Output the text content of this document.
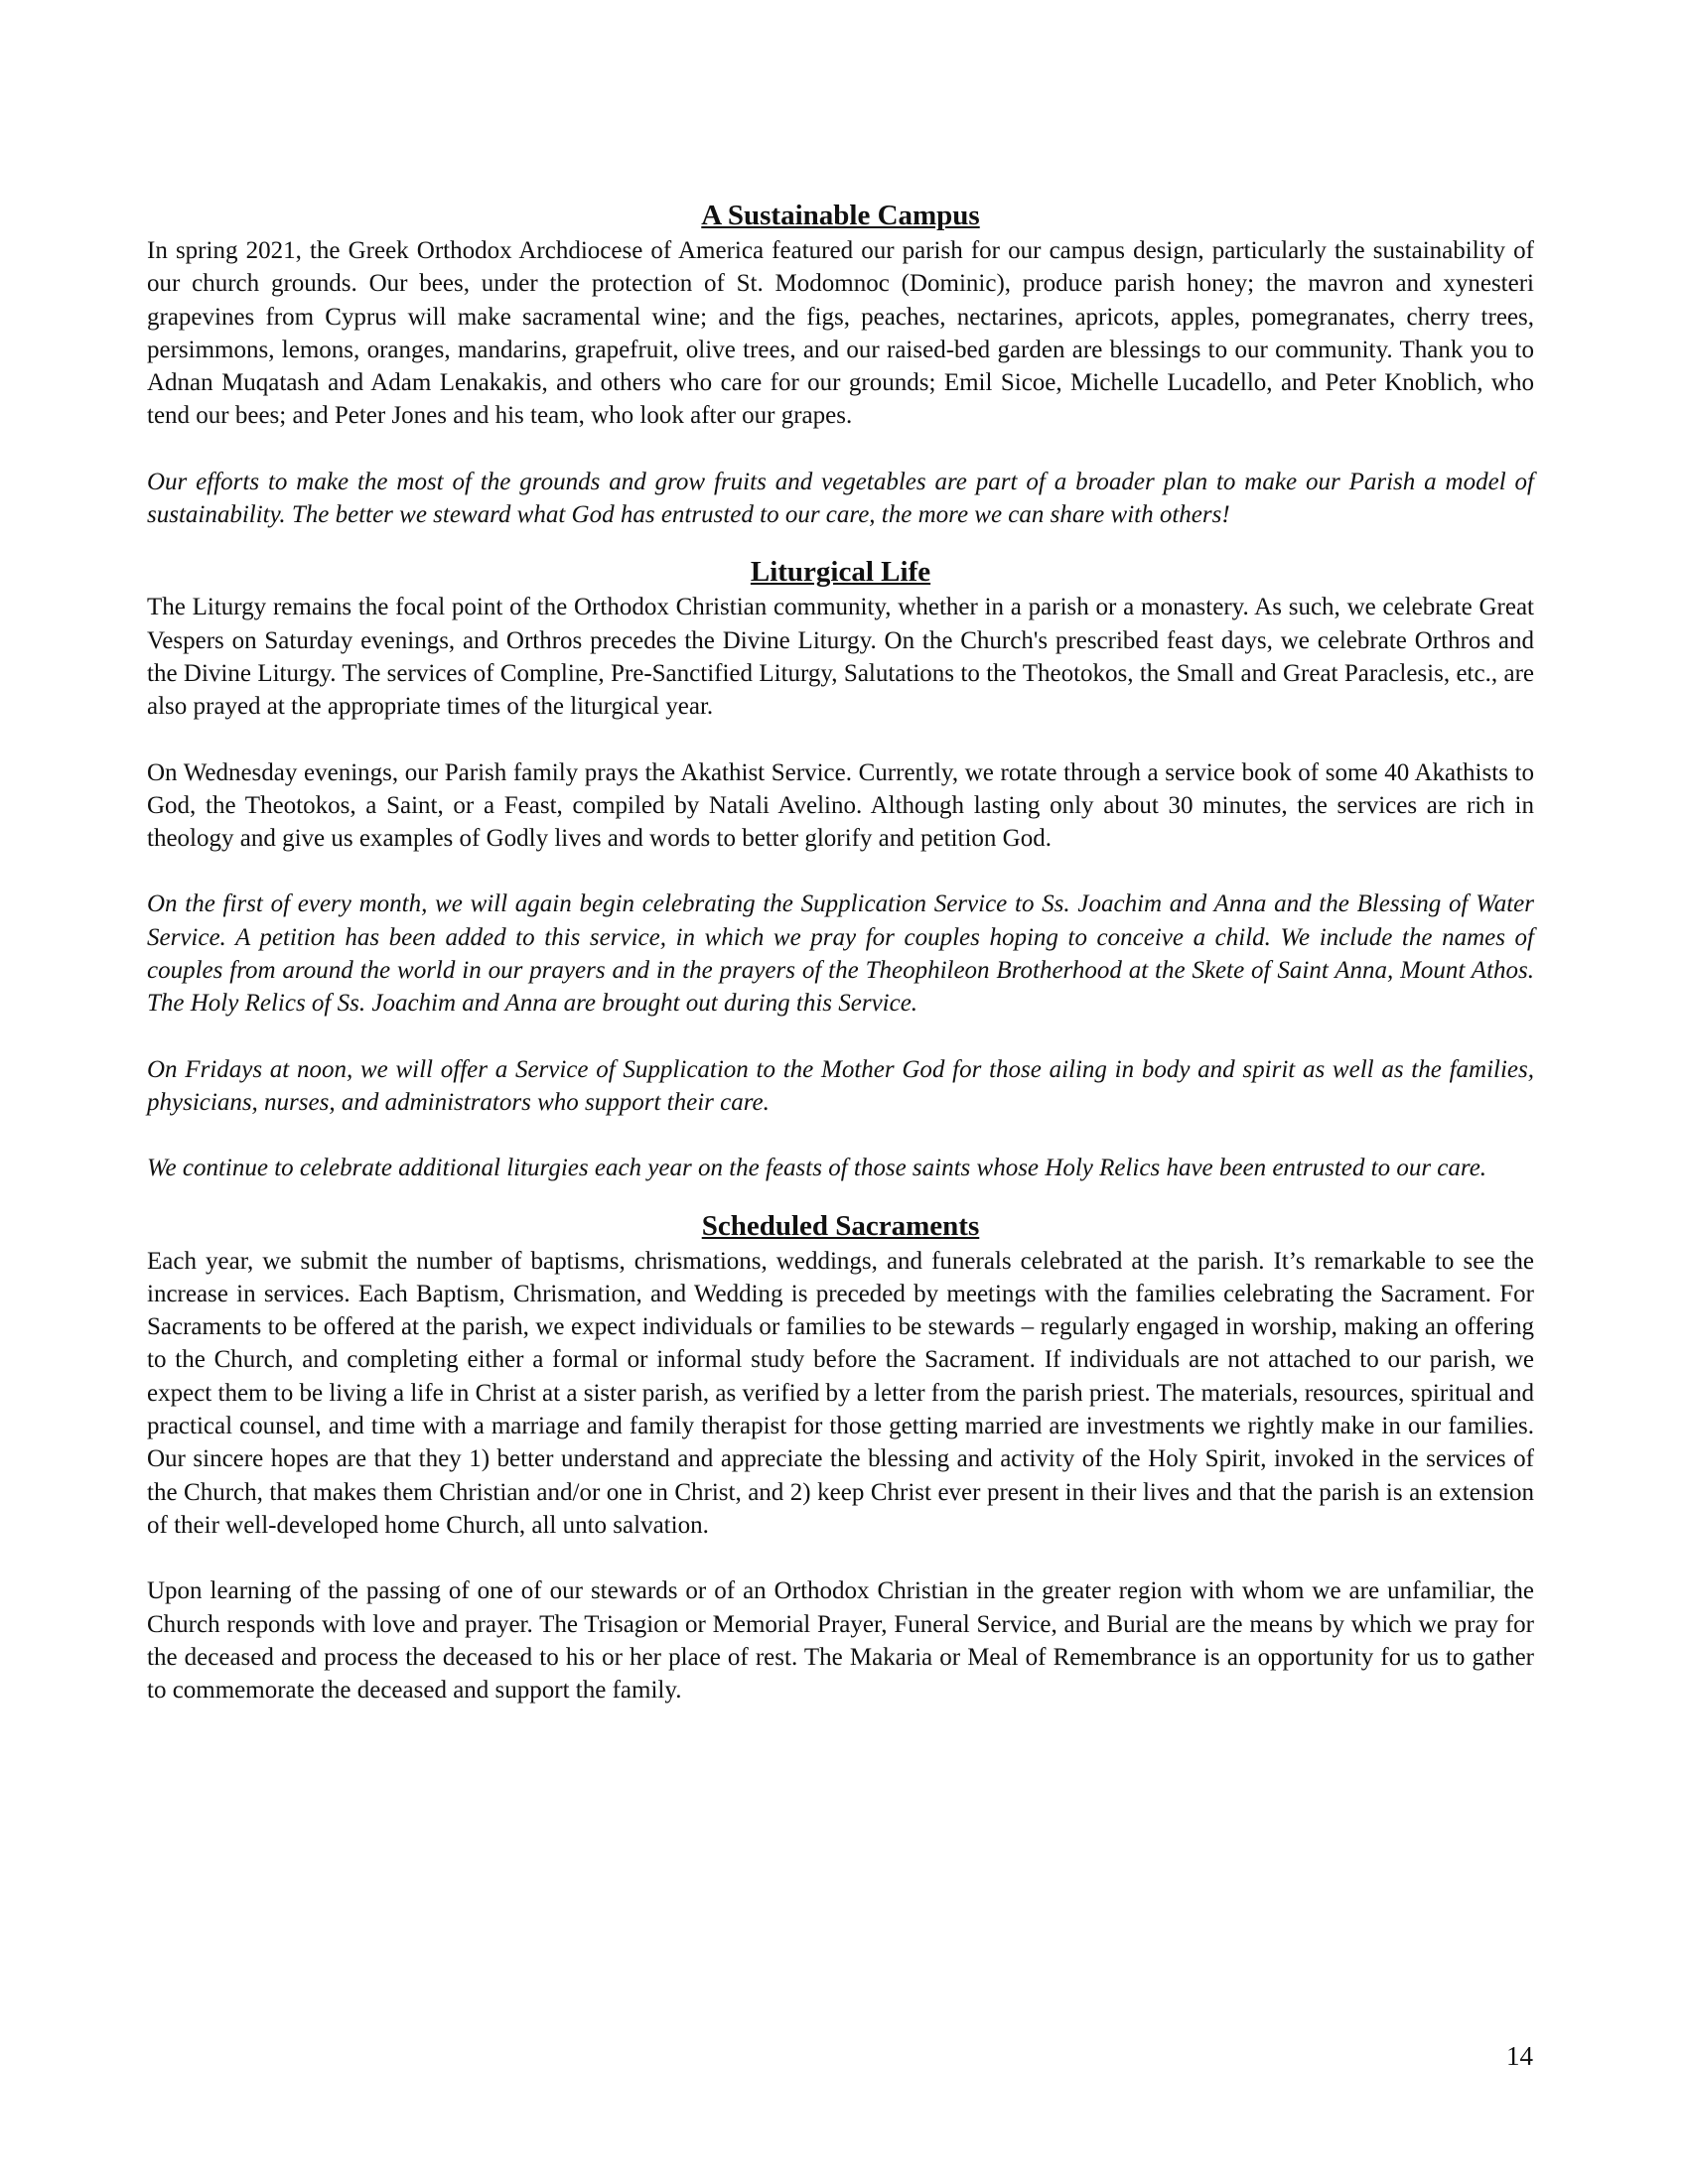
A Sustainable Campus

In spring 2021, the Greek Orthodox Archdiocese of America featured our parish for our campus design, particularly the sustainability of our church grounds. Our bees, under the protection of St. Modomnoc (Dominic), produce parish honey; the mavron and xynesteri grapevines from Cyprus will make sacramental wine; and the figs, peaches, nectarines, apricots, apples, pomegranates, cherry trees, persimmons, lemons, oranges, mandarins, grapefruit, olive trees, and our raised-bed garden are blessings to our community. Thank you to Adnan Muqatash and Adam Lenakakis, and others who care for our grounds; Emil Sicoe, Michelle Lucadello, and Peter Knoblich, who tend our bees; and Peter Jones and his team, who look after our grapes.

Our efforts to make the most of the grounds and grow fruits and vegetables are part of a broader plan to make our Parish a model of sustainability. The better we steward what God has entrusted to our care, the more we can share with others!

Liturgical Life

The Liturgy remains the focal point of the Orthodox Christian community, whether in a parish or a monastery. As such, we celebrate Great Vespers on Saturday evenings, and Orthros precedes the Divine Liturgy. On the Church's prescribed feast days, we celebrate Orthros and the Divine Liturgy. The services of Compline, Pre-Sanctified Liturgy, Salutations to the Theotokos, the Small and Great Paraclesis, etc., are also prayed at the appropriate times of the liturgical year.

On Wednesday evenings, our Parish family prays the Akathist Service. Currently, we rotate through a service book of some 40 Akathists to God, the Theotokos, a Saint, or a Feast, compiled by Natali Avelino. Although lasting only about 30 minutes, the services are rich in theology and give us examples of Godly lives and words to better glorify and petition God.

On the first of every month, we will again begin celebrating the Supplication Service to Ss. Joachim and Anna and the Blessing of Water Service. A petition has been added to this service, in which we pray for couples hoping to conceive a child. We include the names of couples from around the world in our prayers and in the prayers of the Theophileon Brotherhood at the Skete of Saint Anna, Mount Athos. The Holy Relics of Ss. Joachim and Anna are brought out during this Service.

On Fridays at noon, we will offer a Service of Supplication to the Mother God for those ailing in body and spirit as well as the families, physicians, nurses, and administrators who support their care.

We continue to celebrate additional liturgies each year on the feasts of those saints whose Holy Relics have been entrusted to our care.

Scheduled Sacraments

Each year, we submit the number of baptisms, chrismations, weddings, and funerals celebrated at the parish. It’s remarkable to see the increase in services. Each Baptism, Chrismation, and Wedding is preceded by meetings with the families celebrating the Sacrament. For Sacraments to be offered at the parish, we expect individuals or families to be stewards – regularly engaged in worship, making an offering to the Church, and completing either a formal or informal study before the Sacrament. If individuals are not attached to our parish, we expect them to be living a life in Christ at a sister parish, as verified by a letter from the parish priest. The materials, resources, spiritual and practical counsel, and time with a marriage and family therapist for those getting married are investments we rightly make in our families. Our sincere hopes are that they 1) better understand and appreciate the blessing and activity of the Holy Spirit, invoked in the services of the Church, that makes them Christian and/or one in Christ, and 2) keep Christ ever present in their lives and that the parish is an extension of their well-developed home Church, all unto salvation.

Upon learning of the passing of one of our stewards or of an Orthodox Christian in the greater region with whom we are unfamiliar, the Church responds with love and prayer. The Trisagion or Memorial Prayer, Funeral Service, and Burial are the means by which we pray for the deceased and process the deceased to his or her place of rest. The Makaria or Meal of Remembrance is an opportunity for us to gather to commemorate the deceased and support the family.

14
